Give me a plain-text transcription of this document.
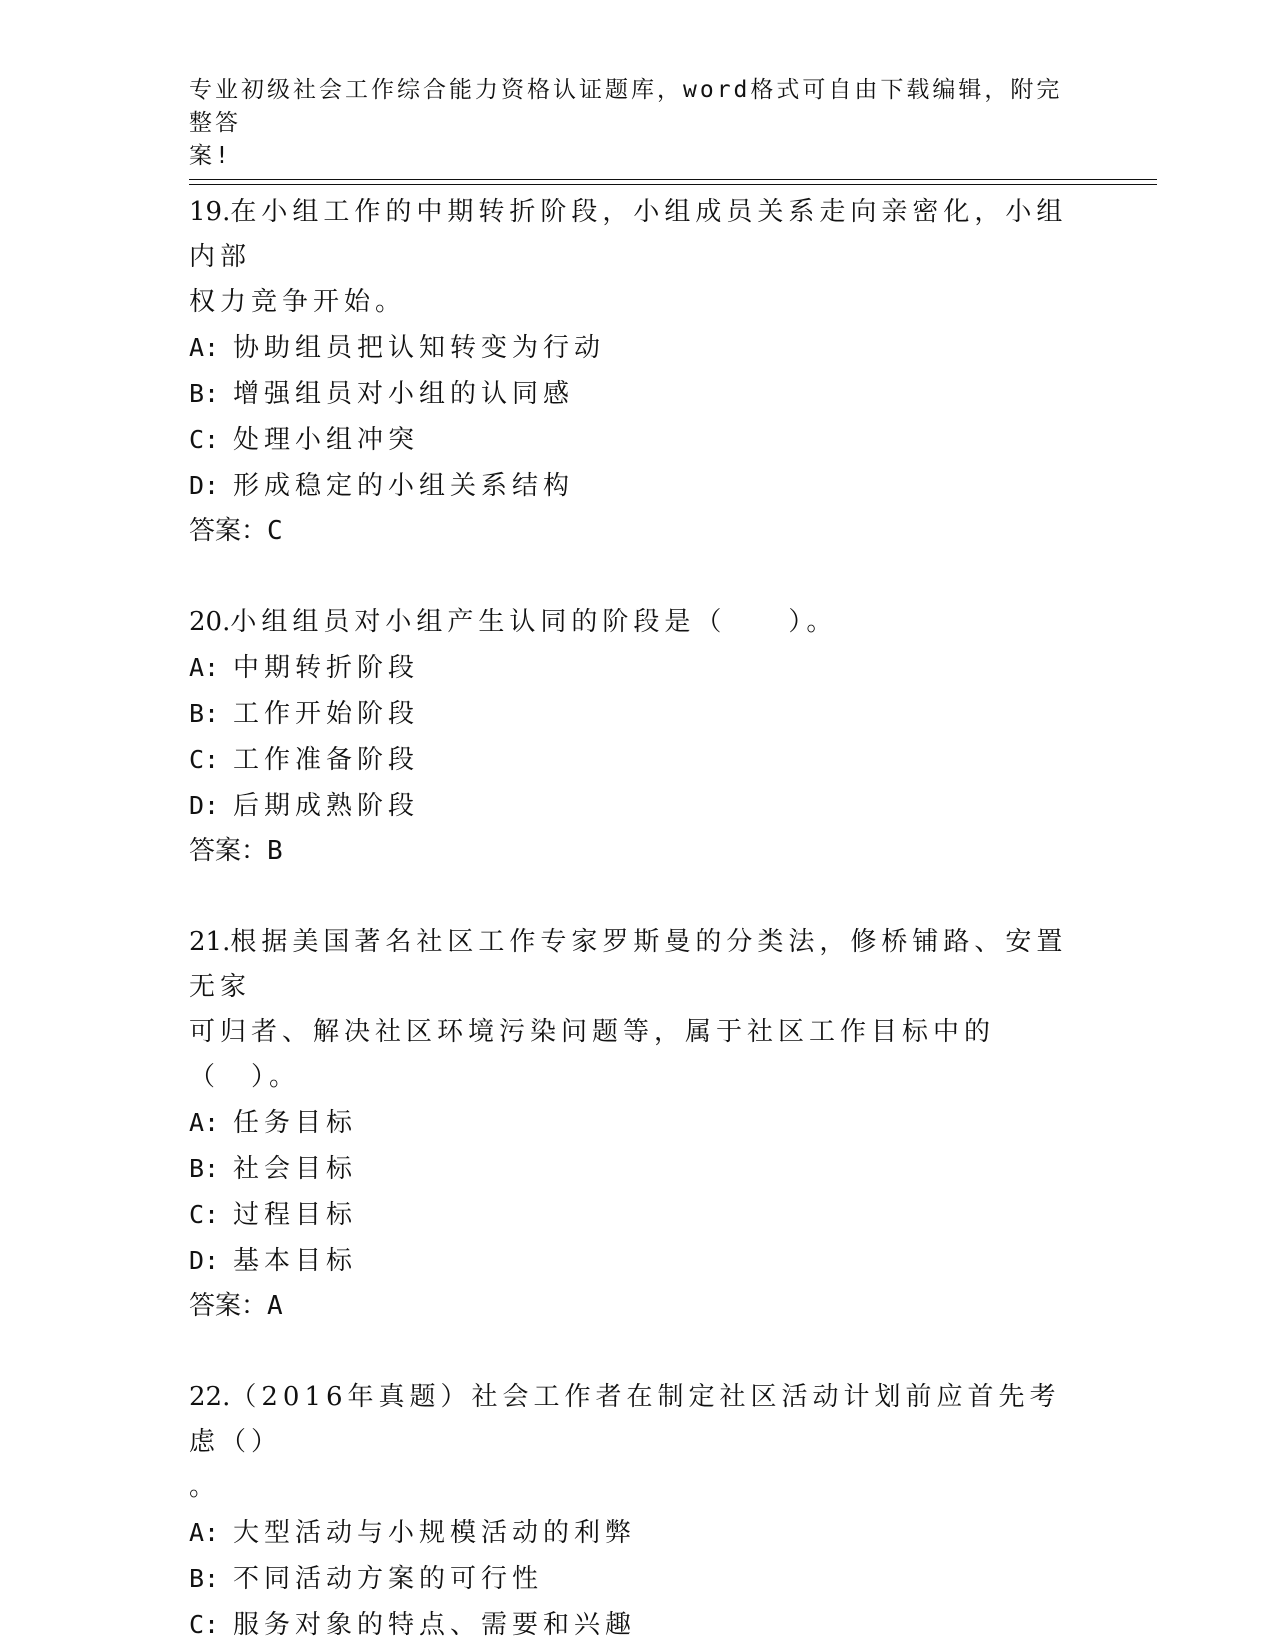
专业初级社会工作综合能力资格认证题库，word格式可自由下载编辑，附完整答
案!
19.在小组工作的中期转折阶段，小组成员关系走向亲密化，小组内部
权力竞争开始。
A: 协助组员把认知转变为行动
B: 增强组员对小组的认同感
C: 处理小组冲突
D: 形成稳定的小组关系结构
答案：C
20.小组组员对小组产生认同的阶段是（　　）。
A: 中期转折阶段
B: 工作开始阶段
C: 工作准备阶段
D: 后期成熟阶段
答案：B
21.根据美国著名社区工作专家罗斯曼的分类法，修桥铺路、安置无家
可归者、解决社区环境污染问题等，属于社区工作目标中的（　）。
A: 任务目标
B: 社会目标
C: 过程目标
D: 基本目标
答案：A
22.（2016年真题）社会工作者在制定社区活动计划前应首先考虑（）
。
A: 大型活动与小规模活动的利弊
B: 不同活动方案的可行性
C: 服务对象的特点、需要和兴趣
